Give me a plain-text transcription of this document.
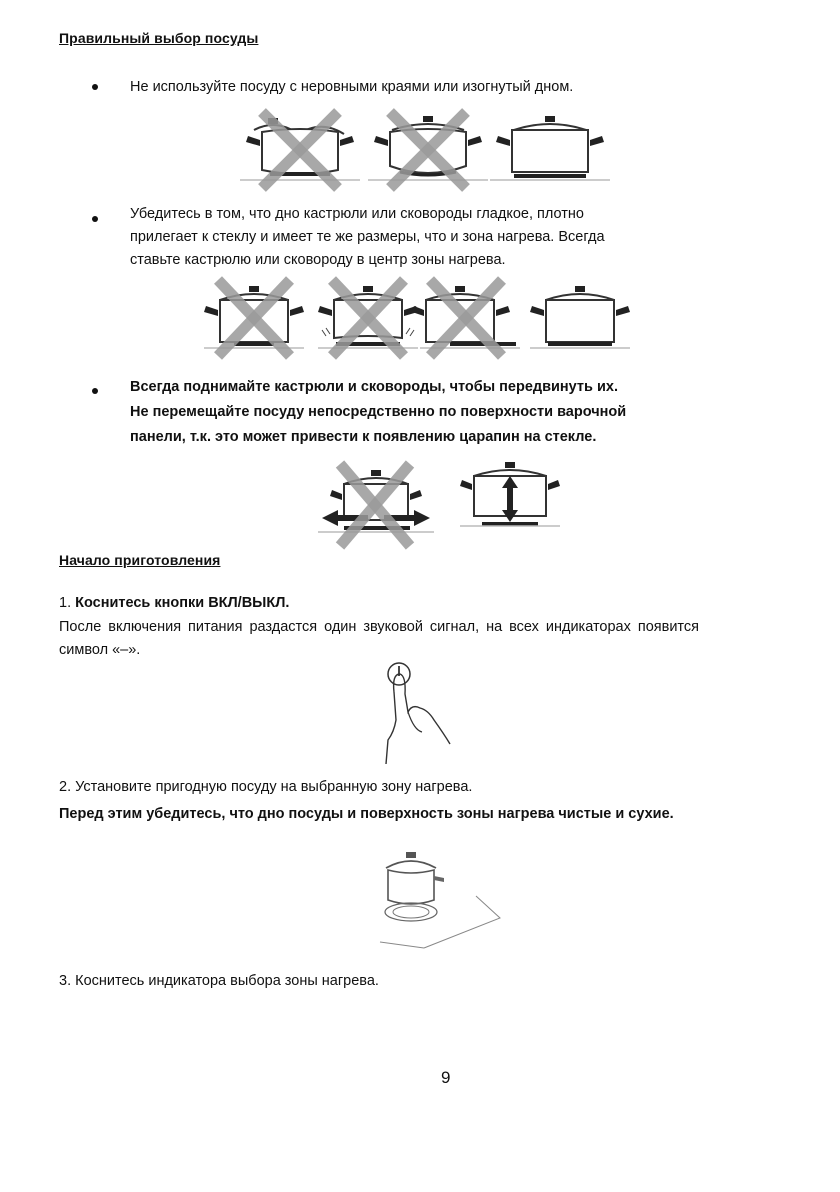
Правильный выбор посуды
Не используйте посуду с неровными краями или изогнутый дном.
Убедитесь в том, что дно кастрюли или сковороды гладкое, плотно
прилегает к стеклу и имеет те же размеры, что и зона нагрева. Всегда
ставьте кастрюлю или сковороду в центр зоны нагрева.
Всегда поднимайте кастрюли и сковороды, чтобы передвинуть их.
Не перемещайте посуду непосредственно по поверхности варочной
панели, т.к. это может привести к появлению царапин на стекле.
Начало приготовления
1. Коснитесь кнопки ВКЛ/ВЫКЛ.
После включения питания раздастся один звуковой сигнал, на всех индикаторах появится символ «–».
2. Установите пригодную посуду на выбранную зону нагрева.
Перед этим убедитесь, что дно посуды и поверхность зоны нагрева чистые и сухие.
3. Коснитесь индикатора выбора зоны нагрева.
9
